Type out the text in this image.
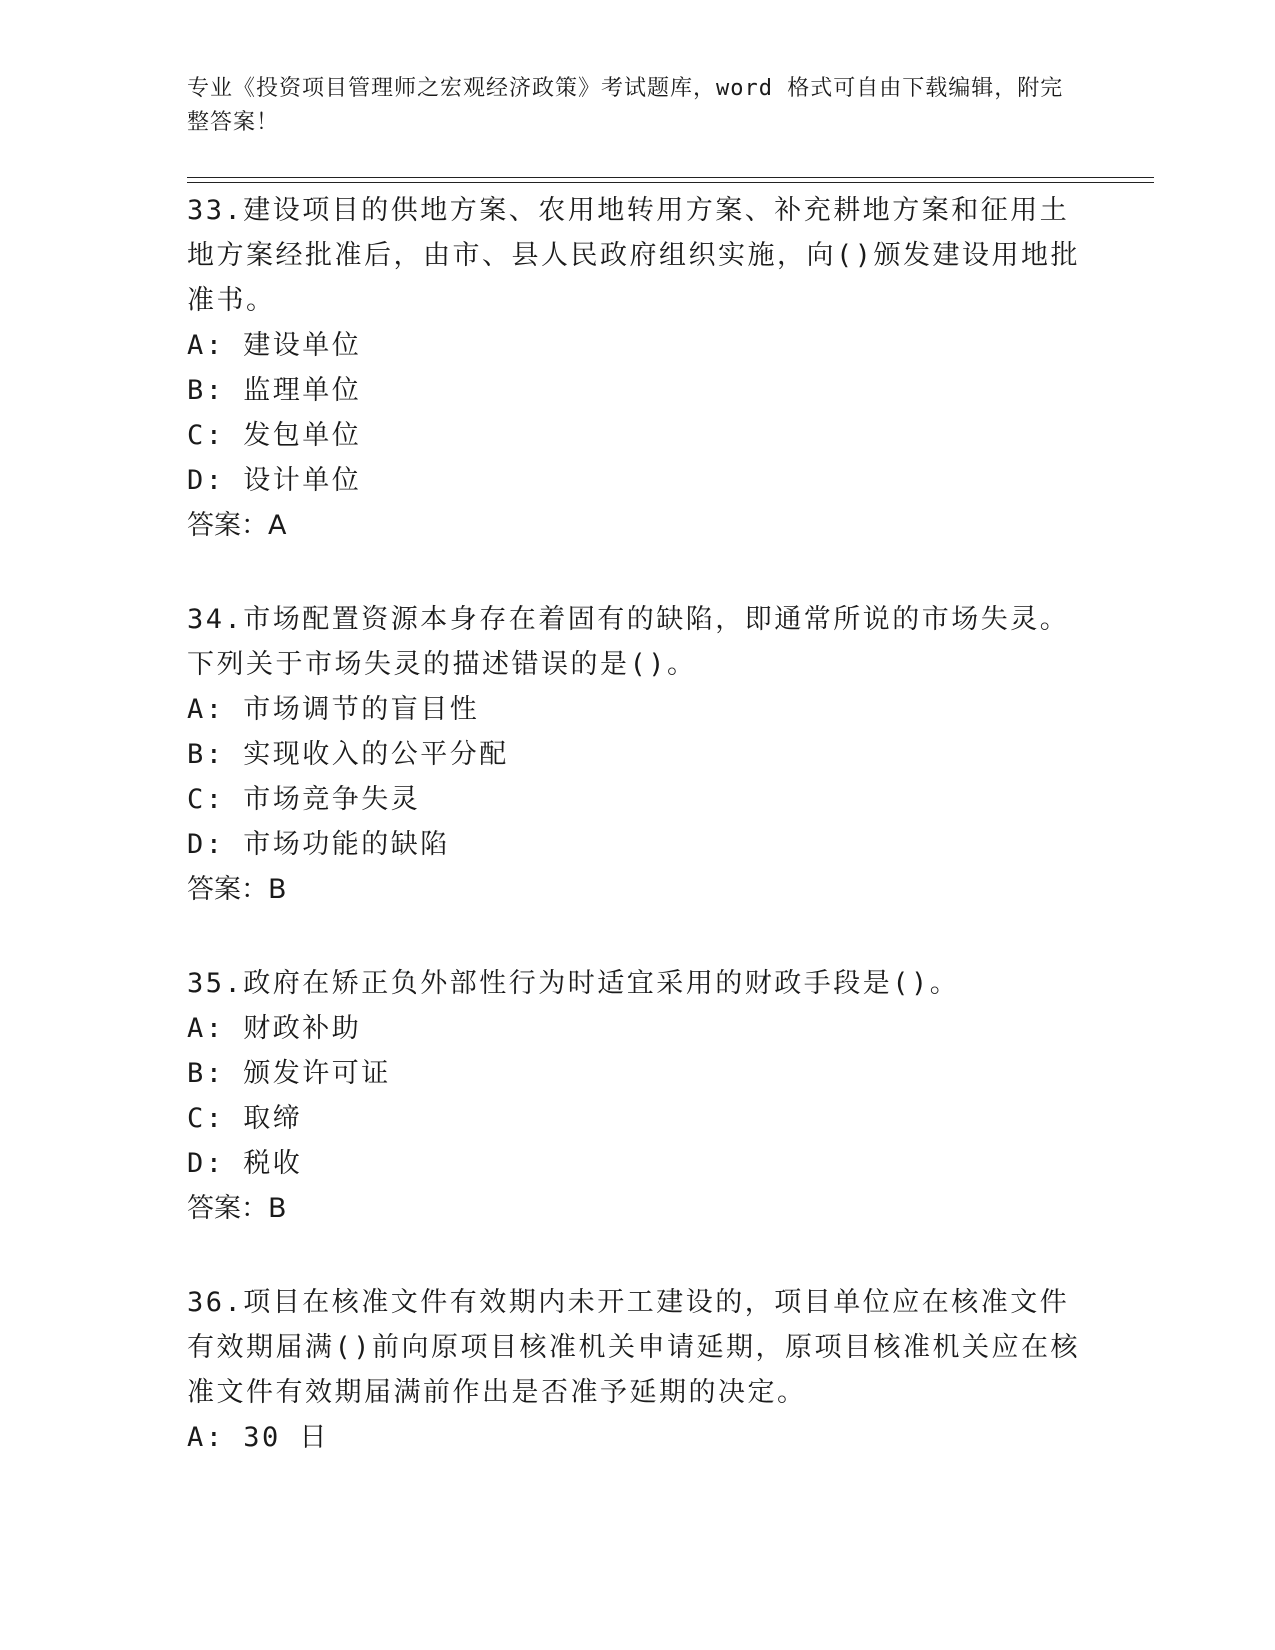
专业《投资项目管理师之宏观经济政策》考试题库，word 格式可自由下载编辑，附完整答案！

33.建设项目的供地方案、农用地转用方案、补充耕地方案和征用土地方案经批准后，由市、县人民政府组织实施，向()颁发建设用地批准书。

A: 建设单位

B: 监理单位

C: 发包单位

D: 设计单位

答案：A

34.市场配置资源本身存在着固有的缺陷，即通常所说的市场失灵。下列关于市场失灵的描述错误的是()。

A: 市场调节的盲目性

B: 实现收入的公平分配

C: 市场竞争失灵

D: 市场功能的缺陷

答案：B

35.政府在矫正负外部性行为时适宜采用的财政手段是()。

A: 财政补助

B: 颁发许可证

C: 取缔

D: 税收

答案：B

36.项目在核准文件有效期内未开工建设的，项目单位应在核准文件有效期届满()前向原项目核准机关申请延期，原项目核准机关应在核准文件有效期届满前作出是否准予延期的决定。

A: 30 日
